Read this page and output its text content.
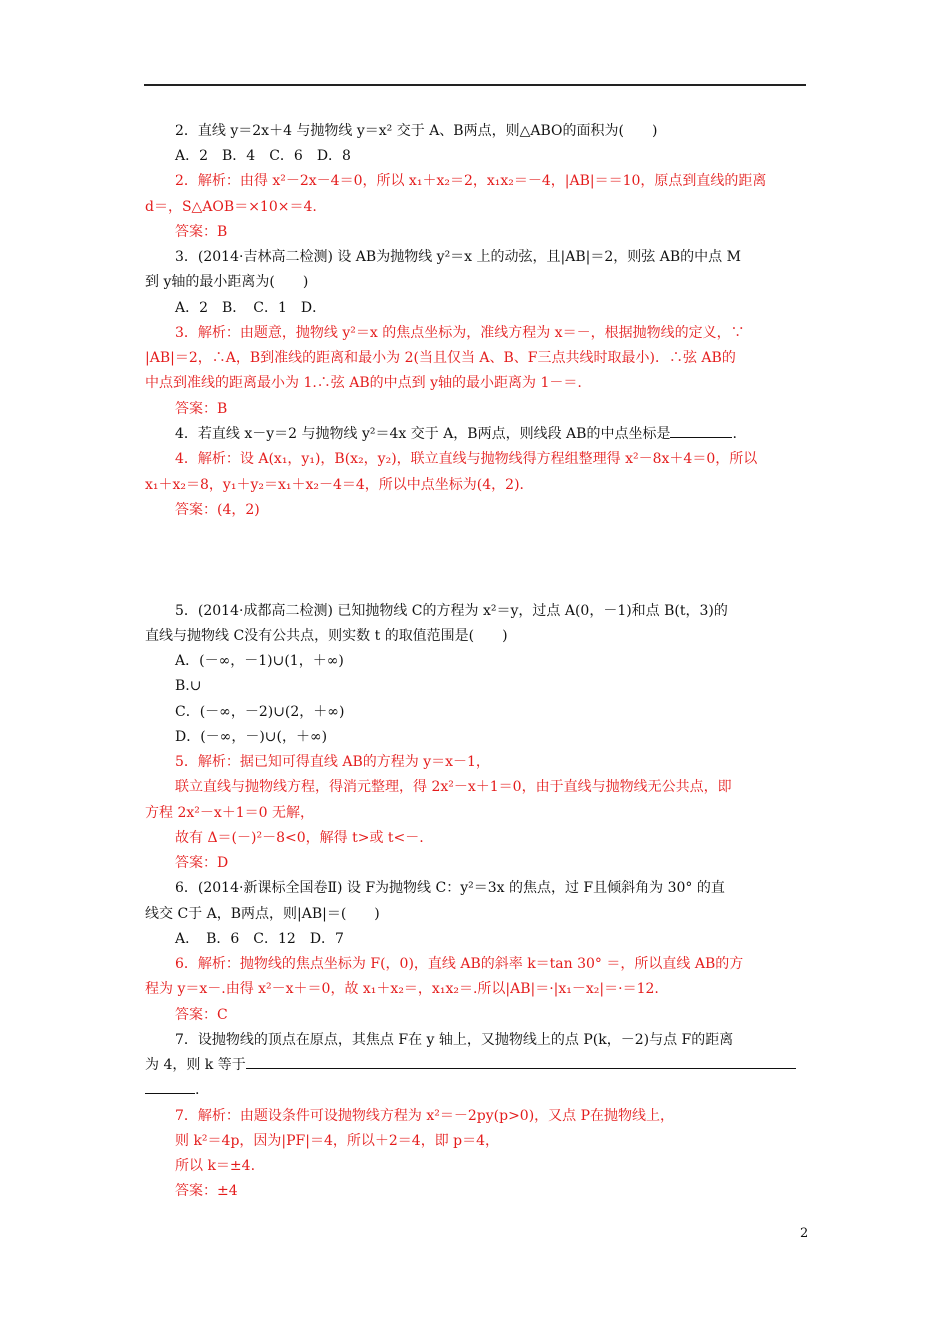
2．直线 y＝2x＋4 与抛物线 y＝x² 交于 A、B两点，则△ABO的面积为(　　)
A．2　B．4　C．6　D．8
2．解析：由得 x²－2x－4＝0，所以 x₁＋x₂＝2，x₁x₂＝－4，|AB|＝＝10，原点到直线的距离
d＝，S△AOB＝×10×＝4.
答案：B
3．(2014·吉林高二检测) 设 AB为抛物线 y²＝x 上的动弦，且|AB|＝2，则弦 AB的中点 M
到 y轴的最小距离为(　　)
A．2　B．　C．1　D．
3．解析：由题意，抛物线 y²＝x 的焦点坐标为，准线方程为 x＝－，根据抛物线的定义，∵
|AB|＝2，∴A，B到准线的距离和最小为 2(当且仅当 A、B、F三点共线时取最小)．∴弦 AB的
中点到准线的距离最小为 1.∴弦 AB的中点到 y轴的最小距离为 1－＝.
答案：B
4．若直线 x－y＝2 与抛物线 y²＝4x 交于 A，B两点，则线段 AB的中点坐标是	.
4．解析：设 A(x₁，y₁)，B(x₂，y₂)，联立直线与抛物线得方程组整理得 x²－8x＋4＝0，所以
x₁＋x₂＝8，y₁＋y₂＝x₁＋x₂－4＝4，所以中点坐标为(4，2)．
答案：(4，2)
5．(2014·成都高二检测) 已知抛物线 C的方程为 x²＝y，过点 A(0，－1)和点 B(t，3)的
直线与抛物线 C没有公共点，则实数 t 的取值范围是(　　)
A．(－∞，－1)∪(1，＋∞)
B.∪
C．(－∞，－2)∪(2，＋∞)
D．(－∞，－)∪(，＋∞)
5．解析：据已知可得直线 AB的方程为 y＝x－1，
联立直线与抛物线方程，得消元整理，得 2x²－x＋1＝0，由于直线与抛物线无公共点，即
方程 2x²－x＋1＝0 无解，
故有 Δ＝(－)²－8<0，解得 t>或 t<－.
答案：D
6．(2014·新课标全国卷Ⅱ) 设 F为抛物线 C：y²＝3x 的焦点，过 F且倾斜角为 30° 的直
线交 C于 A，B两点，则|AB|＝(　　)
A．　B．6　C．12　D．7
6．解析：抛物线的焦点坐标为 F(，0)，直线 AB的斜率 k＝tan 30° ＝，所以直线 AB的方
程为 y＝x－.由得 x²－x＋＝0，故 x₁＋x₂＝，x₁x₂＝.所以|AB|＝·|x₁－x₂|＝·＝12.
答案：C
7．设抛物线的顶点在原点，其焦点 F在 y 轴上，又抛物线上的点 P(k，－2)与点 F的距离
为 4，则 k 等于
.
7．解析：由题设条件可设抛物线方程为 x²＝－2py(p>0)，又点 P在抛物线上，
则 k²＝4p，因为|PF|＝4，所以＋2＝4，即 p＝4，
所以 k＝±4.
答案：±4
2
